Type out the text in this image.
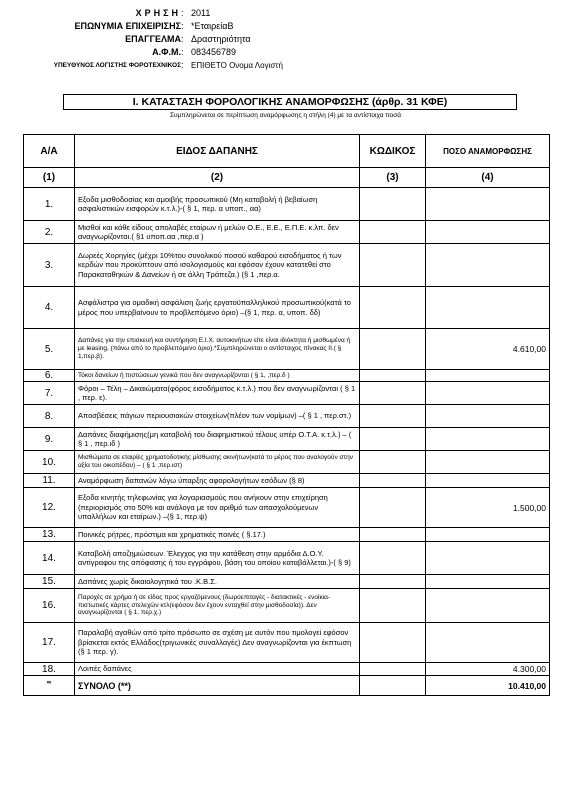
ΧΡΗΣΗ : 2011
ΕΠΩΝΥΜΙΑ ΕΠΙΧΕΙΡΙΣΗΣ : *ΕταιρείαΒ
ΕΠΑΓΓΕΛΜΑ : Δραστηριότητα
Α.Φ.Μ. : 083456789
ΥΠΕΥΘΥΝΟΣ ΛΟΓΙΣΤΗΣ ΦΟΡΟΤΕΧΝΙΚΟΣ : ΕΠΙΘΕΤΟ Ονομα Λογιστή
Ι. ΚΑΤΑΣΤΑΣΗ ΦΟΡΟΛΟΓΙΚΗΣ ΑΝΑΜΟΡΦΩΣΗΣ (άρθρ. 31 ΚΦΕ)
Συμπληρώνεται σε περίπτωση αναμόρφωσης η στήλη (4) με τα αντίστοιχα ποσά
Α/Α	ΕΙΔΟΣ ΔΑΠΑΝΗΣ	ΚΩΔΙΚΟΣ	ΠΟΣΟ ΑΝΑΜΟΡΦΩΣΗΣ
(1)	(2)	(3)	(4)
1.	Εξοδα μισθοδοσίας και αμοιβής προσωπικού (Μη καταβολή ή βεβαίωση ασφαλιστικών εισφορών κ.τ.λ.)-( § 1, περ. α υποπ., αα)		
2.	Μισθοί και κάθε είδους απολαβές εταίρων ή μελών Ο.Ε., Ε.Ε., Ε.Π.Ε. κ.λπ. δεν αναγνωρίζονται.( §1 υποπ.αα ,περ.α )		
3.	Δωρεές Χορηγίες (μέχρι 10%του συνολικού ποσού καθαρού εισοδήματος ή των κερδών που προκύπτουν από ισολογισμούς και εφόσον έχουν κατατεθεί στο Παρακαταθηκών & Δανείων ή σε άλλη Τράπεζα.) (§ 1 ,περ.α.		
4.	Ασφάλιστρα για ομαδική ασφάλιση ζωής εργατοϋπαλληλικού προσωπικού(κατά το μέρος που υπερβαίνουν το προβλεπόμενο όριο) –(§ 1, περ. α, υποπ. δδ)		
5.	Δαπάνες για την επισκευή και συντήρηση Ε.Ι.Χ. αυτοκινήτων είτε είναι ιδιόκτητα ή μισθωμένα ή με leasing, (πάνω από το προβλεπόμενο όριο).*Συμπληρώνεται ο αντίστοιχος πίνακας ΙΙ.( § 1,περ.β).		4.610,00
6.	Τόκοι δανείων ή πιστώσεων γενικά που δεν αναγνωρίζονται ( § 1, ,περ.δ )		
7.	Φόροι – Τέλη – Δικαιώματα(φόρος εισοδήματος κ.τ.λ.) που δεν αναγνωρίζονται ( § 1 , περ. ε).		
8.	Αποσβέσεις πάγιων περιουσιακών στοιχείων(πλέον των νομίμων) –( § 1 , περ.στ.)		
9.	Δαπάνες διαφήμισης(μη καταβολή του διαφημιστικού τέλους υπέρ Ο.Τ.Α. κ.τ.λ.) – ( § 1 , περ.ιδ )		
10.	Μισθώματα σε εταιρίες χρηματοδοτικής μίσθωσης ακινήτων(κατά το μέρος που αναλογούν στην αξία του οικοπέδου) – ( § 1 ,περ.ιστ)		
11.	Αναμόρφωση δαπανών λόγω ύπαρξης αφορολογήτων εσόδων (§ 8)		
12.	Εξοδα κινητής τηλεφωνίας για λογαριασμούς που ανήκουν στην επιχείρηση (περιορισμός στο 50% και ανάλογα με τον αριθμό των απασχολούμενων υπαλλήλων και εταίρων.) –(§ 1, περ.ψ)		1.500,00
13.	Ποινικές ρήτρες, πρόστιμα και χρηματικές ποινές ( §.17.)		
14.	Καταβολή αποζημιώσεων. Έλεγχος για την κατάθεση στην αρμόδια Δ.Ο.Υ. αντίγραφου της απόφασης ή του εγγράφου, βάση του οποίου καταβάλλεται.)-( § 9)		
15.	Δαπάνες χωρίς δικαιολογητικά του .Κ.Β.Σ.		
16.	Παροχές σε χρήμα ή σε είδος προς εργαζόμενους (δωροεπιταγές - διατακτικές - ενοίκια-πιστωτικές κάρτες στελεχών κτλ(εφόσον δεν έχουν ενταχθεί στην μισθοδοσία)). Δεν αναγνωρίζονται ( § 1, περ.χ.)		
17.	Παραλαβή αγαθών από τρίτο πρόσωπο σε σχέση με αυτόν που τιμολογεί εφόσον βρίσκεται εκτός Ελλάδος(τριγωνικές συναλλαγές) Δεν αναγνωρίζονται για έκπτωση (§ 1 περ. γ).		
18.	Λοιπές δαπάνες		4.300,00
"	ΣΥΝΟΛΟ (**)		10.410,00
